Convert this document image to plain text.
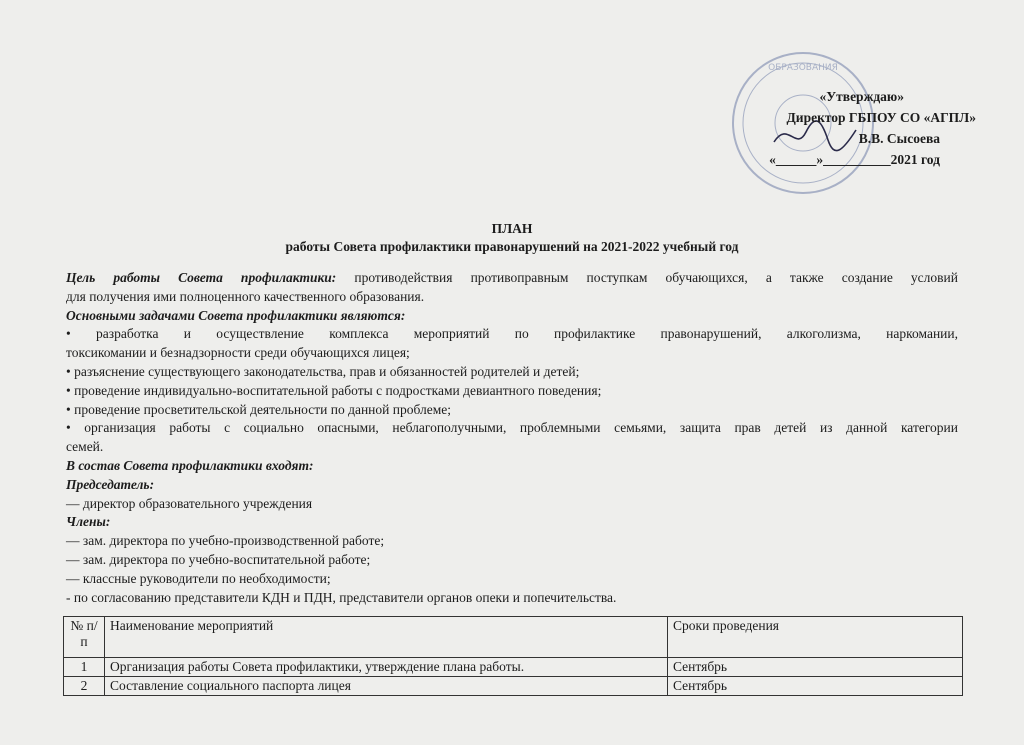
ОБРАЗОВАНИЯ
«Утверждаю»
Директор ГБПОУ СО «АГПЛ»
В.В. Сысоева
«______»__________2021 год
ПЛАН
работы Совета профилактики правонарушений на 2021-2022 учебный год

Цель работы Совета профилактики: противодействия противоправным поступкам обучающихся, а также создание условий

для получения ими полноценного качественного образования.

Основными задачами Совета профилактики являются:

• разработка и осуществление комплекса мероприятий по профилактике правонарушений, алкоголизма, наркомании,

токсикомании и безнадзорности среди обучающихся лицея;

• разъяснение существующего законодательства, прав и обязанностей родителей и детей;

• проведение индивидуально-воспитательной работы с подростками девиантного поведения;

• проведение просветительской деятельности по данной проблеме;

• организация работы с социально опасными, неблагополучными, проблемными семьями, защита прав детей из данной категории

семей.

В состав Совета профилактики входят:

Председатель:

— директор образовательного учреждения

Члены:

— зам. директора по учебно-производственной работе;

— зам. директора по учебно-воспитательной работе;

— классные руководители по необходимости;

- по согласованию представители КДН и ПДН, представители органов опеки и попечительства.

№ п/п	Наименование мероприятий	Сроки проведения
1	Организация работы Совета профилактики, утверждение плана работы.	Сентябрь
2	Составление социального паспорта лицея	Сентябрь
